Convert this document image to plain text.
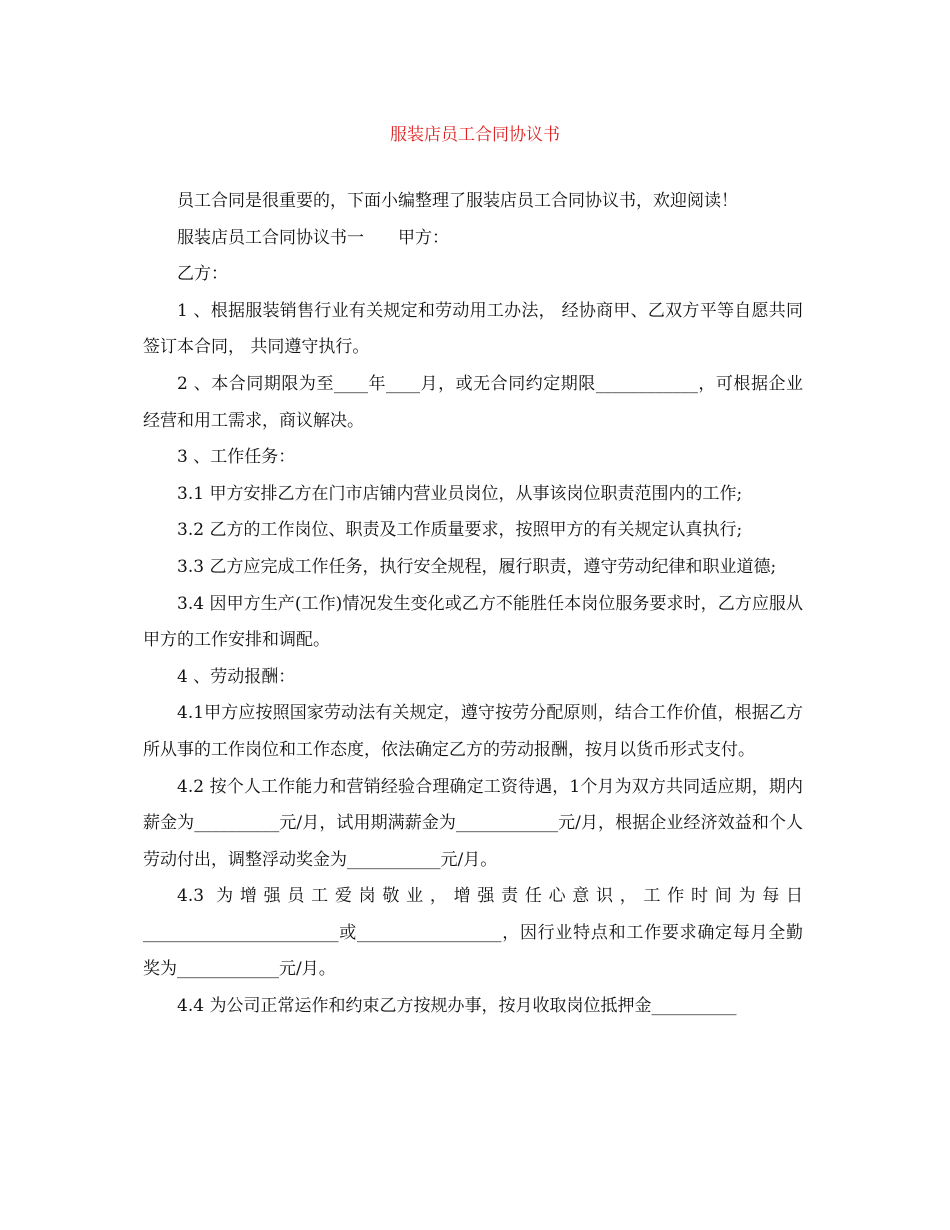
服装店员工合同协议书

员工合同是很重要的，下面小编整理了服装店员工合同协议书，欢迎阅读！

服装店员工合同协议书一　　甲方：

乙方：

1 、根据服装销售行业有关规定和劳动用工办法， 经协商甲、乙双方平等自愿共同签订本合同， 共同遵守执行。

2 、本合同期限为至____年____月，或无合同约定期限____________，可根据企业经营和用工需求，商议解决。

3 、工作任务：

3.1 甲方安排乙方在门市店铺内营业员岗位，从事该岗位职责范围内的工作;

3.2 乙方的工作岗位、职责及工作质量要求，按照甲方的有关规定认真执行;

3.3 乙方应完成工作任务，执行安全规程，履行职责，遵守劳动纪律和职业道德;

3.4 因甲方生产(工作)情况发生变化或乙方不能胜任本岗位服务要求时，乙方应服从甲方的工作安排和调配。

4 、劳动报酬：

4.1甲方应按照国家劳动法有关规定，遵守按劳分配原则，结合工作价值，根据乙方所从事的工作岗位和工作态度，依法确定乙方的劳动报酬，按月以货币形式支付。

4.2 按个人工作能力和营销经验合理确定工资待遇，1个月为双方共同适应期，期内薪金为__________元/月，试用期满薪金为____________元/月，根据企业经济效益和个人劳动付出，调整浮动奖金为___________元/月。

4.3 为增强员工爱岗敬业，增强责任心意识，工作时间为每日_______________________或_________________，因行业特点和工作要求确定每月全勤奖为____________元/月。

4.4 为公司正常运作和约束乙方按规办事，按月收取岗位抵押金__________
